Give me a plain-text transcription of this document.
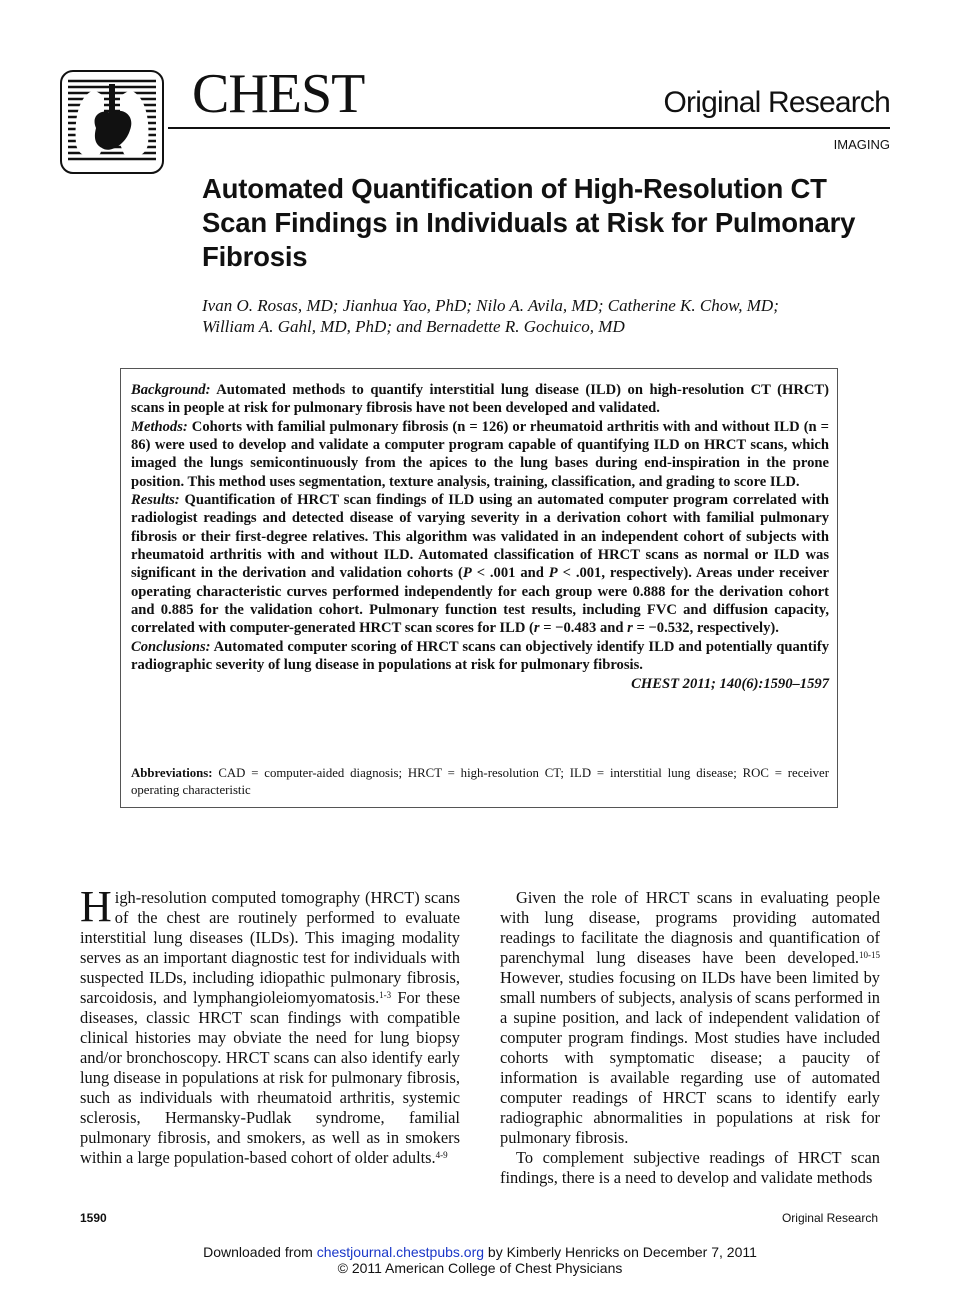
CHEST	Original Research
IMAGING
Automated Quantification of High-Resolution CT Scan Findings in Individuals at Risk for Pulmonary Fibrosis
Ivan O. Rosas, MD; Jianhua Yao, PhD; Nilo A. Avila, MD; Catherine K. Chow, MD;
William A. Gahl, MD, PhD; and Bernadette R. Gochuico, MD

Background: Automated methods to quantify interstitial lung disease (ILD) on high-resolution CT (HRCT) scans in people at risk for pulmonary fibrosis have not been developed and validated.

Methods: Cohorts with familial pulmonary fibrosis (n = 126) or rheumatoid arthritis with and without ILD (n = 86) were used to develop and validate a computer program capable of quantifying ILD on HRCT scans, which imaged the lungs semicontinuously from the apices to the lung bases during end-inspiration in the prone position. This method uses segmentation, texture analysis, training, classification, and grading to score ILD.

Results: Quantification of HRCT scan findings of ILD using an automated computer program correlated with radiologist readings and detected disease of varying severity in a derivation cohort with familial pulmonary fibrosis or their first-degree relatives. This algorithm was validated in an independent cohort of subjects with rheumatoid arthritis with and without ILD. Automated classification of HRCT scans as normal or ILD was significant in the derivation and validation cohorts (P < .001 and P < .001, respectively). Areas under receiver operating characteristic curves performed independently for each group were 0.888 for the derivation cohort and 0.885 for the validation cohort. Pulmonary function test results, including FVC and diffusion capacity, correlated with computer-generated HRCT scan scores for ILD (r = −0.483 and r = −0.532, respectively).

Conclusions: Automated computer scoring of HRCT scans can objectively identify ILD and potentially quantify radiographic severity of lung disease in populations at risk for pulmonary fibrosis.

CHEST 2011; 140(6):1590–1597

Abbreviations: CAD = computer-aided diagnosis; HRCT = high-resolution CT; ILD = interstitial lung disease; ROC = receiver operating characteristic

High-resolution computed tomography (HRCT) scans of the chest are routinely performed to evaluate interstitial lung diseases (ILDs). This imaging modality serves as an important diagnostic test for individuals with suspected ILDs, including idiopathic pulmonary fibrosis, sarcoidosis, and lymphangioleiomyomatosis.$^{1-3}$ For these diseases, classic HRCT scan findings with compatible clinical histories may obviate the need for lung biopsy and/or bronchoscopy. HRCT scans can also identify early lung disease in populations at risk for pulmonary fibrosis, such as individuals with rheumatoid arthritis, systemic sclerosis, Hermansky-Pudlak syndrome, familial pulmonary fibrosis, and smokers, as well as in smokers within a large population-based cohort of older adults.$^{4-9}$

Given the role of HRCT scans in evaluating people with lung disease, programs providing automated readings to facilitate the diagnosis and quantification of parenchymal lung diseases have been developed.$^{10-15}$ However, studies focusing on ILDs have been limited by small numbers of subjects, analysis of scans performed in a supine position, and lack of independent validation of computer program findings. Most studies have included cohorts with symptomatic disease; a paucity of information is available regarding use of automated computer readings of HRCT scans to identify early radiographic abnormalities in populations at risk for pulmonary fibrosis.

To complement subjective readings of HRCT scan findings, there is a need to develop and validate methods

1590	Original Research
Downloaded from chestjournal.chestpubs.org by Kimberly Henricks on December 7, 2011
© 2011 American College of Chest Physicians
